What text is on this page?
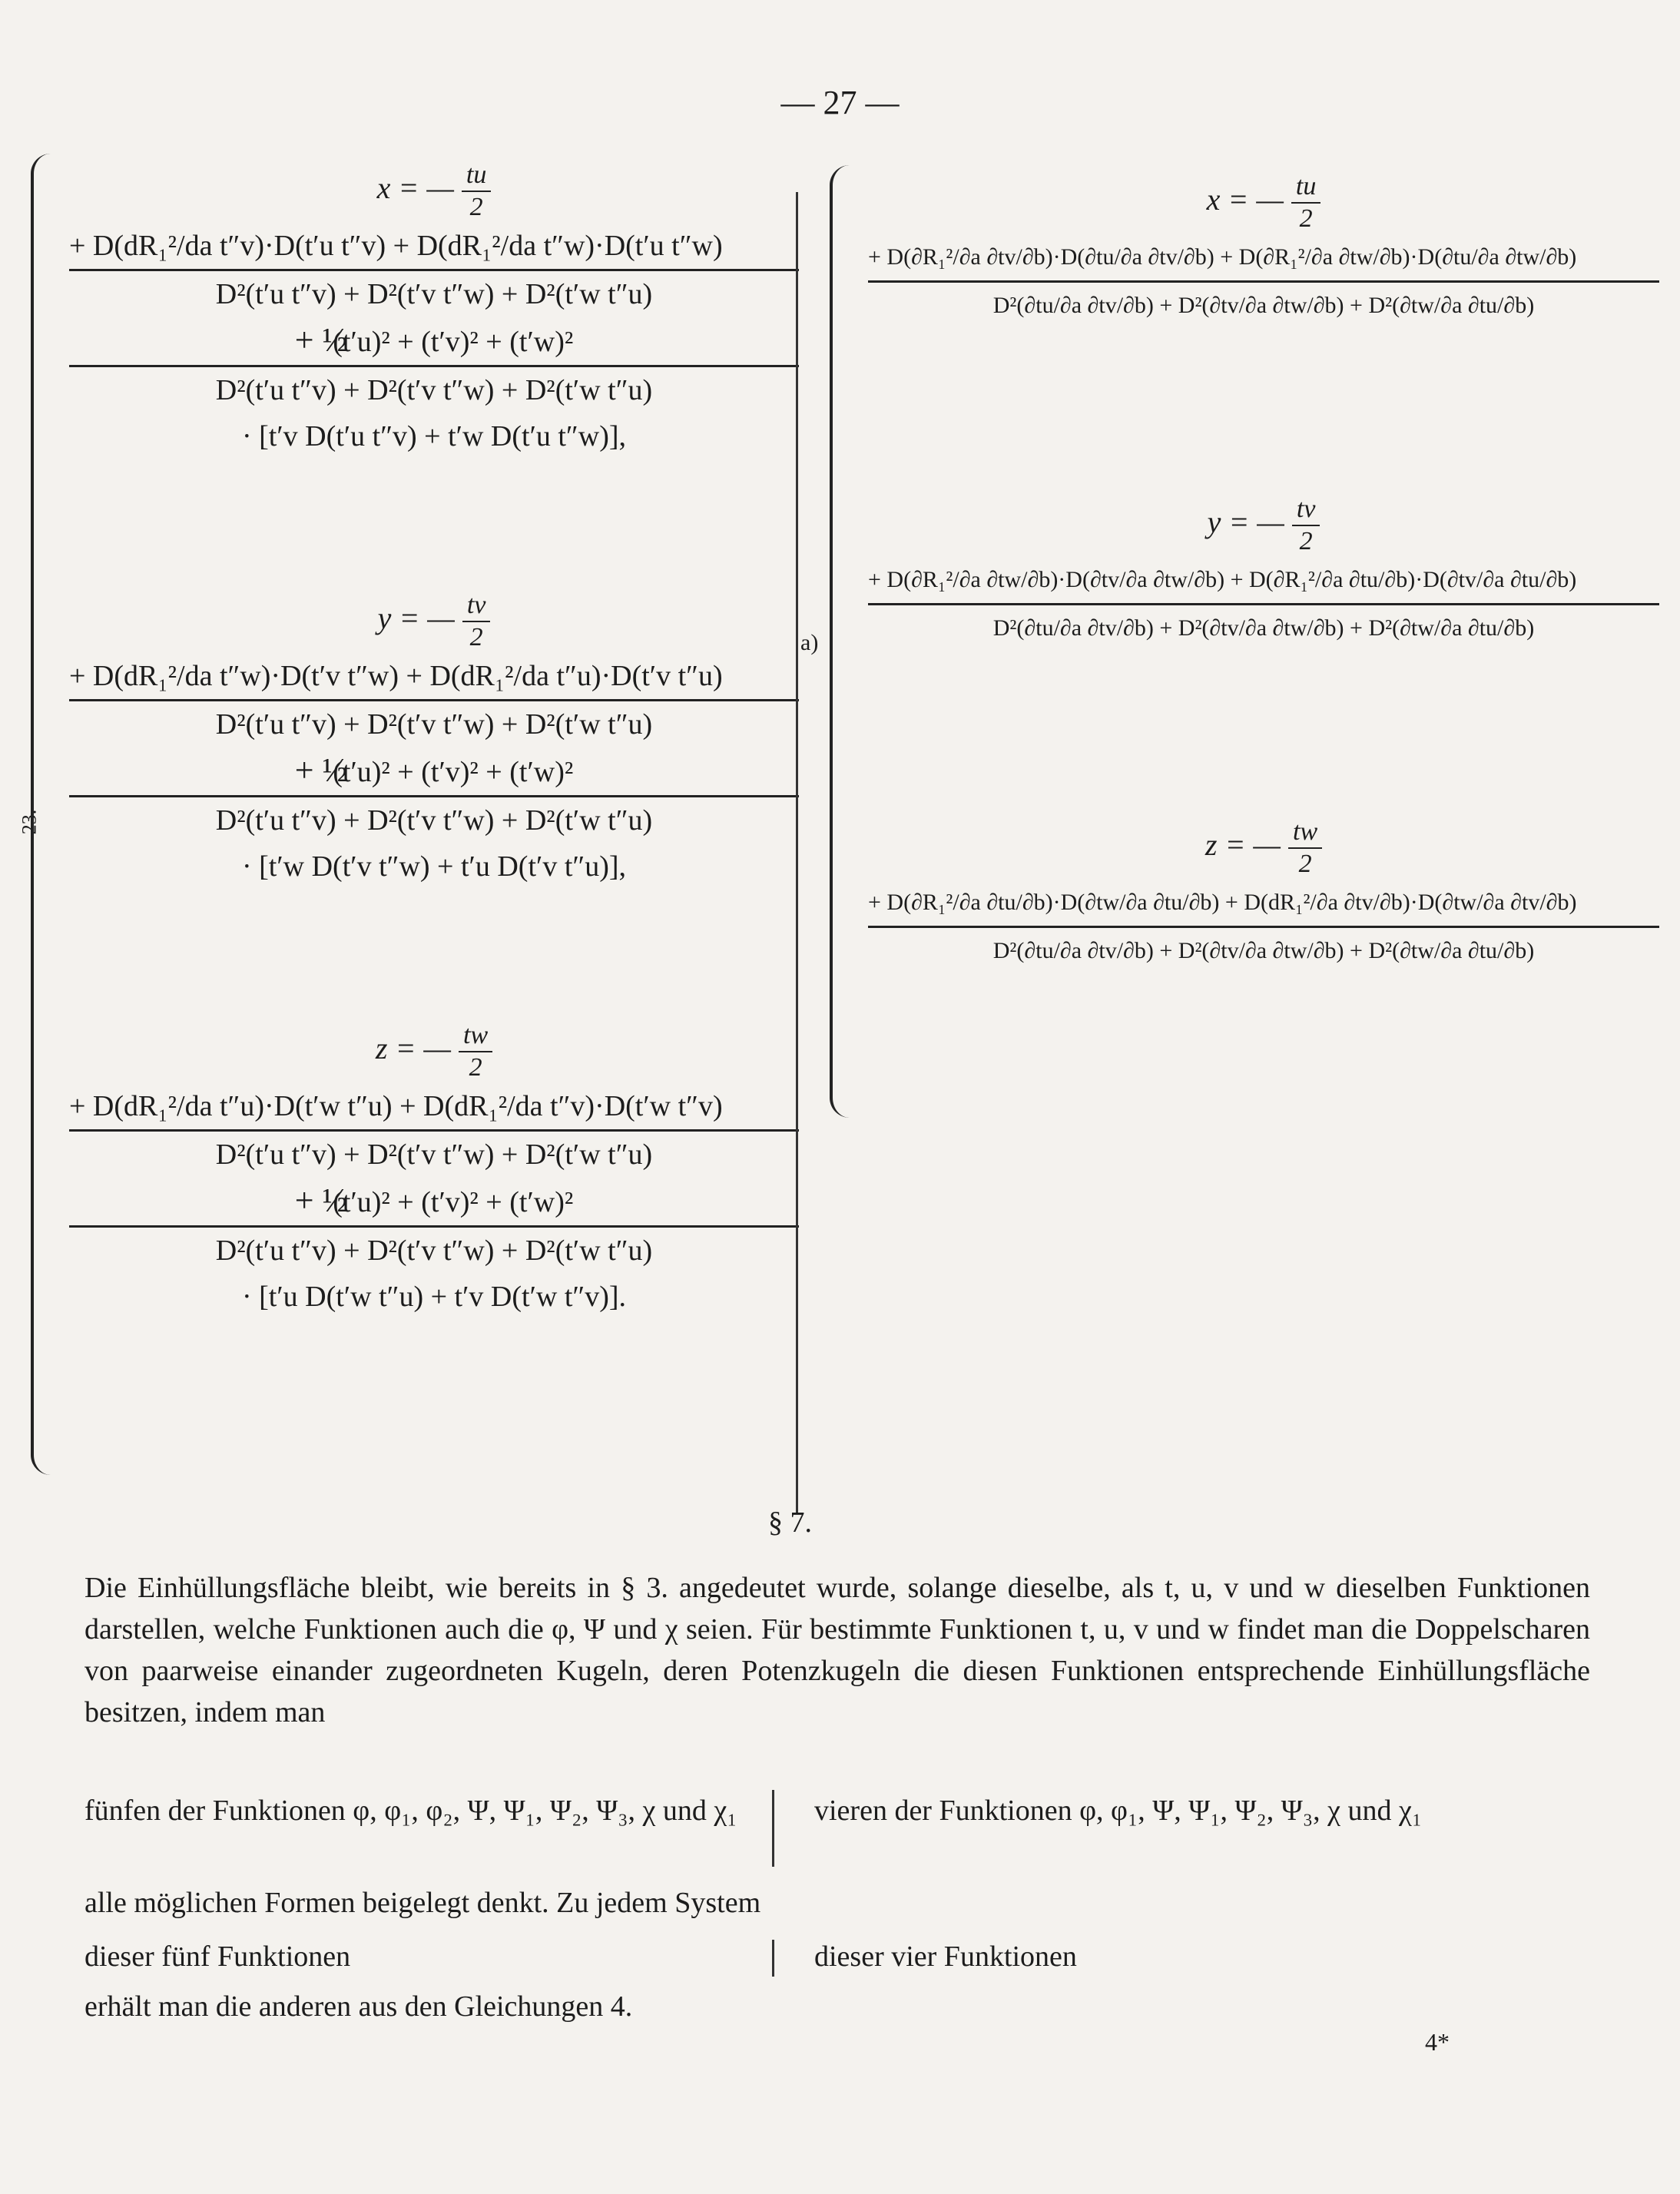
— 27 —
23.
x = — $\frac{tu}{2}$
+ D(dR₁²/da t″v)·D(t′u t″v) + D(dR₁²/da t″w)·D(t′u t″w)
D²(t′u t″v) + D²(t′v t″w) + D²(t′w t″u)
+ ½ (t′u)² + (t′v)² + (t′w)²
D²(t′u t″v) + D²(t′v t″w) + D²(t′w t″u)
· [t′v D(t′u t″v) + t′w D(t′u t″w)],
y = — $\frac{tv}{2}$
+ D(dR₁²/da t″w)·D(t′v t″w) + D(dR₁²/da t″u)·D(t′v t″u)
D²(t′u t″v) + D²(t′v t″w) + D²(t′w t″u)
+ ½ (t′u)² + (t′v)² + (t′w)²
D²(t′u t″v) + D²(t′v t″w) + D²(t′w t″u)
· [t′w D(t′v t″w) + t′u D(t′v t″u)],
z = — $\frac{tw}{2}$
+ D(dR₁²/da t″u)·D(t′w t″u) + D(dR₁²/da t″v)·D(t′w t″v)
D²(t′u t″v) + D²(t′v t″w) + D²(t′w t″u)
+ ½ (t′u)² + (t′v)² + (t′w)²
D²(t′u t″v) + D²(t′v t″w) + D²(t′w t″u)
· [t′u D(t′w t″u) + t′v D(t′w t″v)].
a)
x = — $\frac{tu}{2}$
+ D(∂R₁²/∂a ∂tv/∂b)·D(∂tu/∂a ∂tv/∂b) + D(∂R₁²/∂a ∂tw/∂b)·D(∂tu/∂a ∂tw/∂b)
D²(∂tu/∂a ∂tv/∂b) + D²(∂tv/∂a ∂tw/∂b) + D²(∂tw/∂a ∂tu/∂b)
y = — $\frac{tv}{2}$
+ D(∂R₁²/∂a ∂tw/∂b)·D(∂tv/∂a ∂tw/∂b) + D(∂R₁²/∂a ∂tu/∂b)·D(∂tv/∂a ∂tu/∂b)
D²(∂tu/∂a ∂tv/∂b) + D²(∂tv/∂a ∂tw/∂b) + D²(∂tw/∂a ∂tu/∂b)
z = — $\frac{tw}{2}$
+ D(∂R₁²/∂a ∂tu/∂b)·D(∂tw/∂a ∂tu/∂b) + D(dR₁²/∂a ∂tv/∂b)·D(∂tw/∂a ∂tv/∂b)
D²(∂tu/∂a ∂tv/∂b) + D²(∂tv/∂a ∂tw/∂b) + D²(∂tw/∂a ∂tu/∂b)
§ 7.
Die Einhüllungsfläche bleibt, wie bereits in § 3. angedeutet wurde, solange dieselbe, als t, u, v und w dieselben Funktionen darstellen, welche Funktionen auch die φ, Ψ und χ seien. Für bestimmte Funktionen t, u, v und w findet man die Doppelscharen von paarweise einander zugeordneten Kugeln, deren Potenzkugeln die diesen Funktionen entsprechende Einhüllungsfläche besitzen, indem man
fünfen der Funktionen φ, φ₁, φ₂, Ψ, Ψ₁, Ψ₂, Ψ₃, χ und χ₁	vieren der Funktionen φ, φ₁, Ψ, Ψ₁, Ψ₂, Ψ₃, χ und χ₁
alle möglichen Formen beigelegt denkt. Zu jedem System
dieser fünf Funktionen	dieser vier Funktionen
erhält man die anderen aus den Gleichungen 4.
4*
